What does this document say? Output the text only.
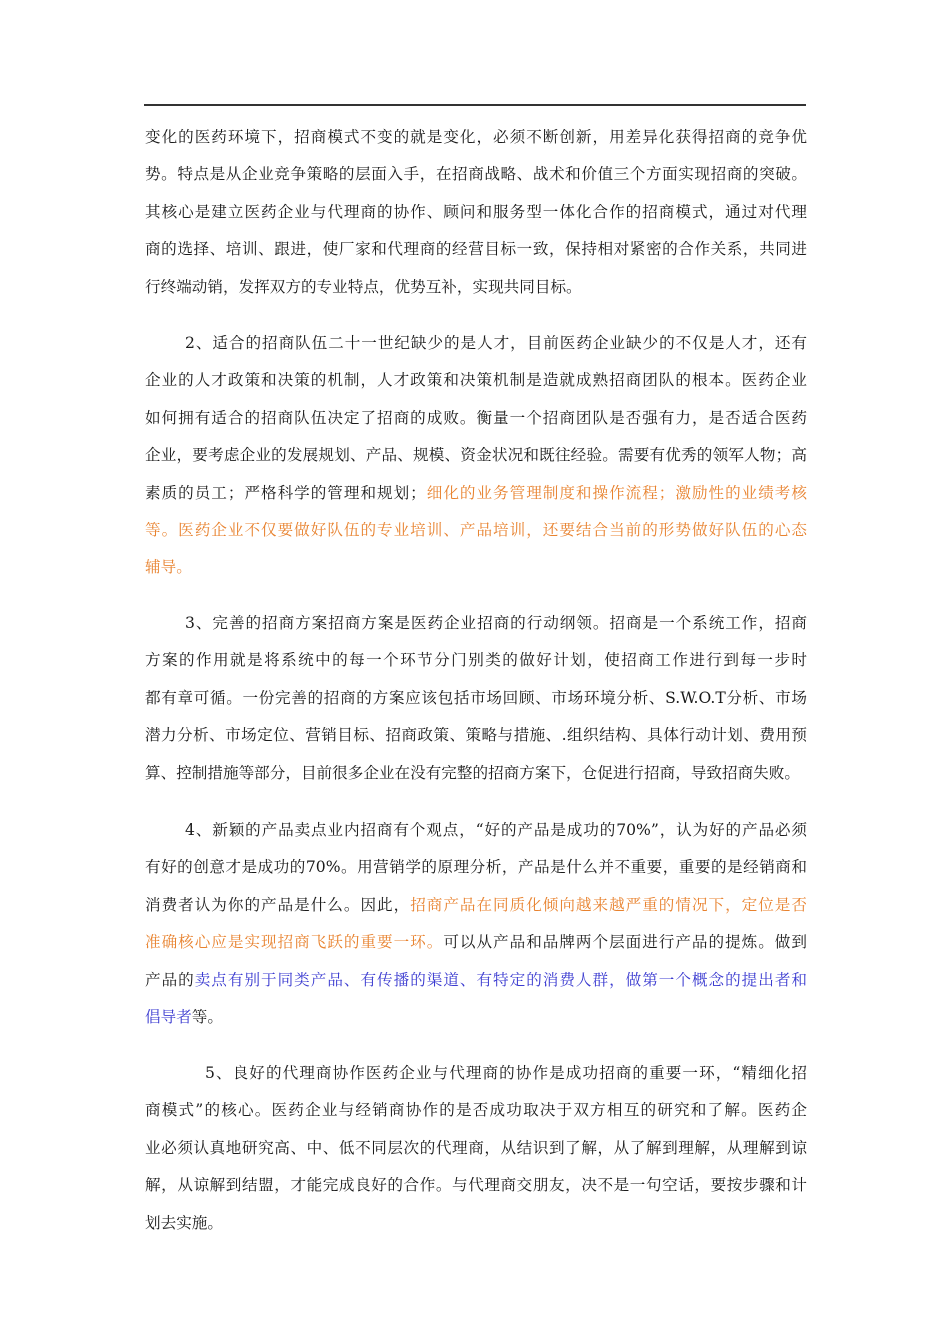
变化的医药环境下，招商模式不变的就是变化，必须不断创新，用差异化获得招商的竞争优
势。特点是从企业竞争策略的层面入手，在招商战略、战术和价值三个方面实现招商的突破。
其核心是建立医药企业与代理商的协作、顾问和服务型一体化合作的招商模式，通过对代理
商的选择、培训、跟进，使厂家和代理商的经营目标一致，保持相对紧密的合作关系，共同进
行终端动销，发挥双方的专业特点，优势互补，实现共同目标。
2、适合的招商队伍二十一世纪缺少的是人才，目前医药企业缺少的不仅是人才，还有
企业的人才政策和决策的机制，人才政策和决策机制是造就成熟招商团队的根本。医药企业
如何拥有适合的招商队伍决定了招商的成败。衡量一个招商团队是否强有力，是否适合医药
企业，要考虑企业的发展规划、产品、规模、资金状况和既往经验。需要有优秀的领军人物；高
素质的员工；严格科学的管理和规划；细化的业务管理制度和操作流程；激励性的业绩考核
等。医药企业不仅要做好队伍的专业培训、产品培训，还要结合当前的形势做好队伍的心态
辅导。
3、完善的招商方案招商方案是医药企业招商的行动纲领。招商是一个系统工作，招商
方案的作用就是将系统中的每一个环节分门别类的做好计划，使招商工作进行到每一步时
都有章可循。一份完善的招商的方案应该包括市场回顾、市场环境分析、S.W.O.T分析、市场
潜力分析、市场定位、营销目标、招商政策、策略与措施、.组织结构、具体行动计划、费用预
算、控制措施等部分，目前很多企业在没有完整的招商方案下，仓促进行招商，导致招商失败。
4、新颖的产品卖点业内招商有个观点，“好的产品是成功的70%”，认为好的产品必须
有好的创意才是成功的70%。用营销学的原理分析，产品是什么并不重要，重要的是经销商和
消费者认为你的产品是什么。因此，招商产品在同质化倾向越来越严重的情况下，定位是否
准确核心应是实现招商飞跃的重要一环。可以从产品和品牌两个层面进行产品的提炼。做到
产品的卖点有别于同类产品、有传播的渠道、有特定的消费人群，做第一个概念的提出者和
倡导者等。
5、良好的代理商协作医药企业与代理商的协作是成功招商的重要一环，“精细化招
商模式”的核心。医药企业与经销商协作的是否成功取决于双方相互的研究和了解。医药企
业必须认真地研究高、中、低不同层次的代理商，从结识到了解，从了解到理解，从理解到谅
解，从谅解到结盟，才能完成良好的合作。与代理商交朋友，决不是一句空话，要按步骤和计
划去实施。
